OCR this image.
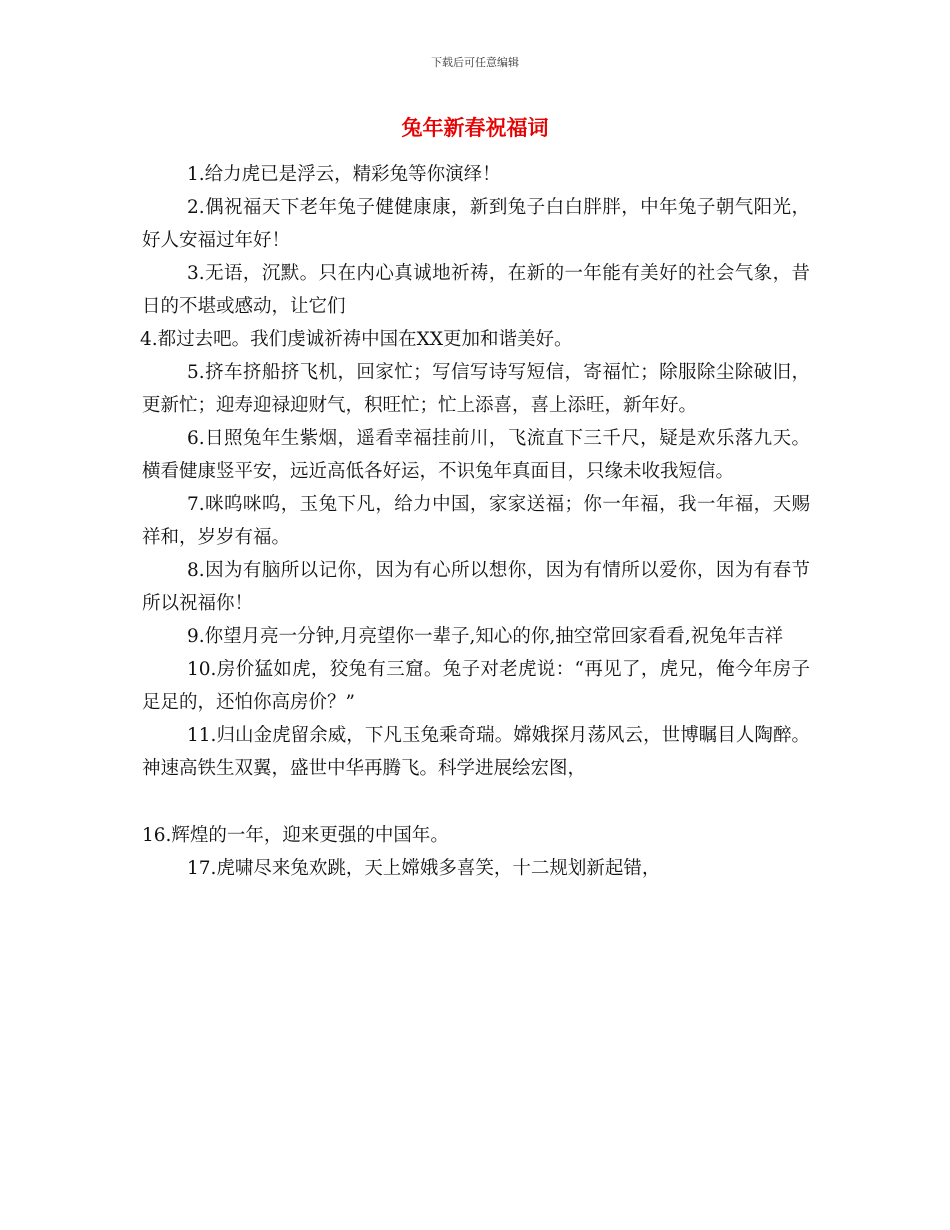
下载后可任意编辑
兔年新春祝福词

1.给力虎已是浮云，精彩兔等你演绎！

2.偶祝福天下老年兔子健健康康，新到兔子白白胖胖，中年兔子朝气阳光，好人安福过年好！

3.无语，沉默。只在内心真诚地祈祷，在新的一年能有美好的社会气象，昔日的不堪或感动，让它们

4.都过去吧。我们虔诚祈祷中国在XX更加和谐美好。

5.挤车挤船挤飞机，回家忙；写信写诗写短信，寄福忙；除服除尘除破旧，更新忙；迎寿迎禄迎财气，积旺忙；忙上添喜，喜上添旺，新年好。

6.日照兔年生紫烟，遥看幸福挂前川，飞流直下三千尺，疑是欢乐落九天。横看健康竖平安，远近高低各好运，不识兔年真面目，只缘未收我短信。

7.咪呜咪呜，玉兔下凡，给力中国，家家送福；你一年福，我一年福，天赐祥和，岁岁有福。

8.因为有脑所以记你，因为有心所以想你，因为有情所以爱你，因为有春节所以祝福你！

9.你望月亮一分钟,月亮望你一辈子,知心的你,抽空常回家看看,祝兔年吉祥

10.房价猛如虎，狡兔有三窟。兔子对老虎说：“再见了，虎兄，俺今年房子足足的，还怕你高房价？”

11.归山金虎留余威，下凡玉兔乘奇瑞。嫦娥探月荡风云，世博瞩目人陶醉。神速高铁生双翼，盛世中华再腾飞。科学进展绘宏图，

16.辉煌的一年，迎来更强的中国年。

17.虎啸尽来兔欢跳，天上嫦娥多喜笑，十二规划新起错，
